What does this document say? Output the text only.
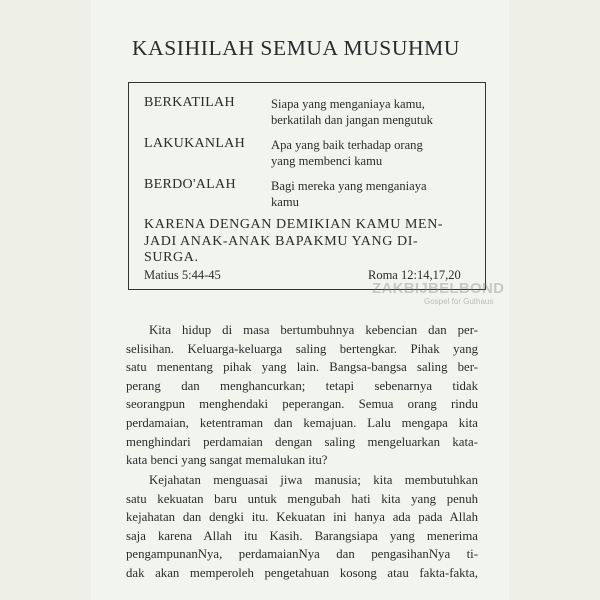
KASIHILAH SEMUA MUSUHMU
BERKATILAH	Siapa yang menganiaya kamu,
berkatilah dan jangan mengutuk
LAKUKANLAH Apa yang baik terhadap orang
yang membenci kamu
BERDO'ALAH	Bagi mereka yang menganiaya
kamu
KARENA DENGAN DEMIKIAN KAMU MEN-
JADI ANAK-ANAK BAPAKMU YANG DI-
SURGA.
Matius 5:44-45	Roma 12:14,17,20
ZAKBIJBELBOND
Gospel for Guthaus
Kita hidup di masa bertumbuhnya kebencian dan per-
selisihan. Keluarga-keluarga saling bertengkar. Pihak yang
satu menentang pihak yang lain. Bangsa-bangsa saling ber-
perang dan menghancurkan; tetapi sebenarnya tidak
seorangpun menghendaki peperangan. Semua orang rindu
perdamaian, ketentraman dan kemajuan. Lalu mengapa kita
menghindari perdamaian dengan saling mengeluarkan kata-
kata benci yang sangat memalukan itu?
Kejahatan menguasai jiwa manusia; kita membutuhkan
satu kekuatan baru untuk mengubah hati kita yang penuh
kejahatan dan dengki itu. Kekuatan ini hanya ada pada Allah
saja karena Allah itu Kasih. Barangsiapa yang menerima
pengampunanNya, perdamaianNya dan pengasihanNya ti-
dak akan memperoleh pengetahuan kosong atau fakta-fakta,
